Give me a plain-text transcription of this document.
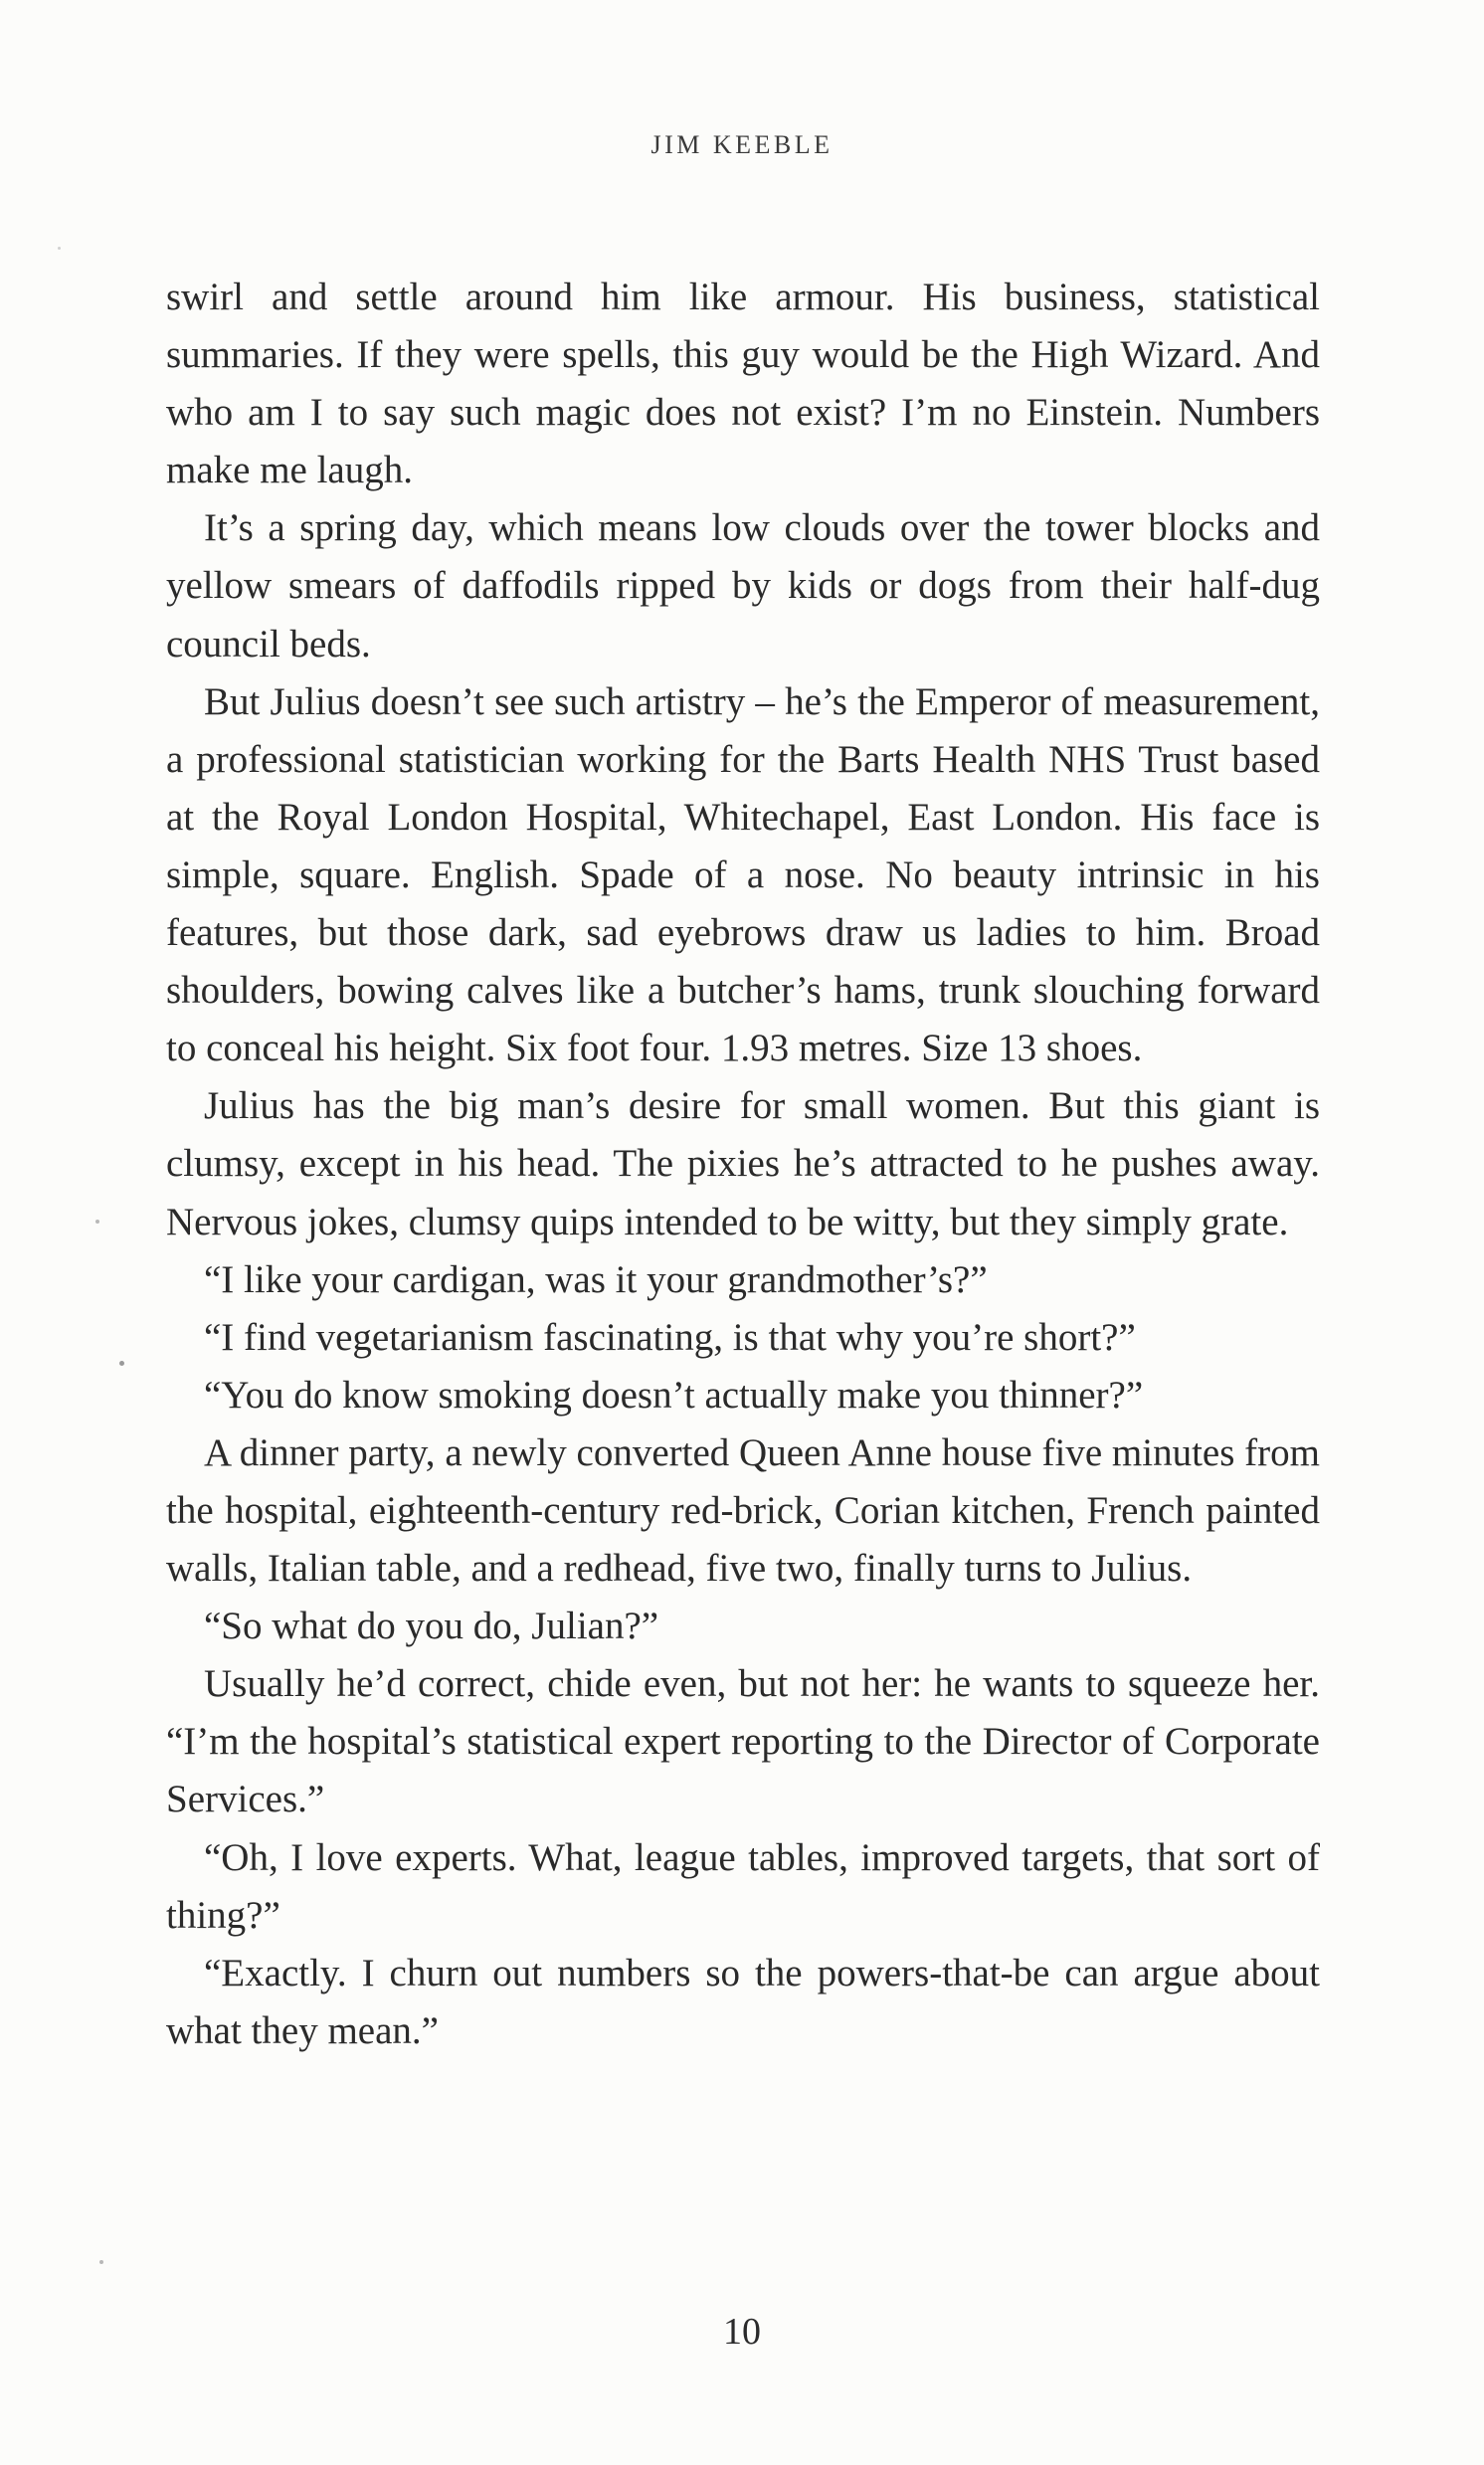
JIM KEEBLE

swirl and settle around him like armour. His business, statistical summaries. If they were spells, this guy would be the High Wizard. And who am I to say such magic does not exist? I’m no Einstein. Numbers make me laugh.

It’s a spring day, which means low clouds over the tower blocks and yellow smears of daffodils ripped by kids or dogs from their half-dug council beds.

But Julius doesn’t see such artistry – he’s the Emperor of measurement, a professional statistician working for the Barts Health NHS Trust based at the Royal London Hospital, Whitechapel, East London. His face is simple, square. English. Spade of a nose. No beauty intrinsic in his features, but those dark, sad eyebrows draw us ladies to him. Broad shoulders, bowing calves like a butcher’s hams, trunk slouching forward to conceal his height. Six foot four. 1.93 metres. Size 13 shoes.

Julius has the big man’s desire for small women. But this giant is clumsy, except in his head. The pixies he’s attracted to he pushes away. Nervous jokes, clumsy quips intended to be witty, but they simply grate.

“I like your cardigan, was it your grandmother’s?”

“I find vegetarianism fascinating, is that why you’re short?”

“You do know smoking doesn’t actually make you thinner?”

A dinner party, a newly converted Queen Anne house five minutes from the hospital, eighteenth-century red-brick, Corian kitchen, French painted walls, Italian table, and a redhead, five two, finally turns to Julius.

“So what do you do, Julian?”

Usually he’d correct, chide even, but not her: he wants to squeeze her. “I’m the hospital’s statistical expert reporting to the Director of Corporate Services.”

“Oh, I love experts. What, league tables, improved targets, that sort of thing?”

“Exactly. I churn out numbers so the powers-that-be can argue about what they mean.”

10
